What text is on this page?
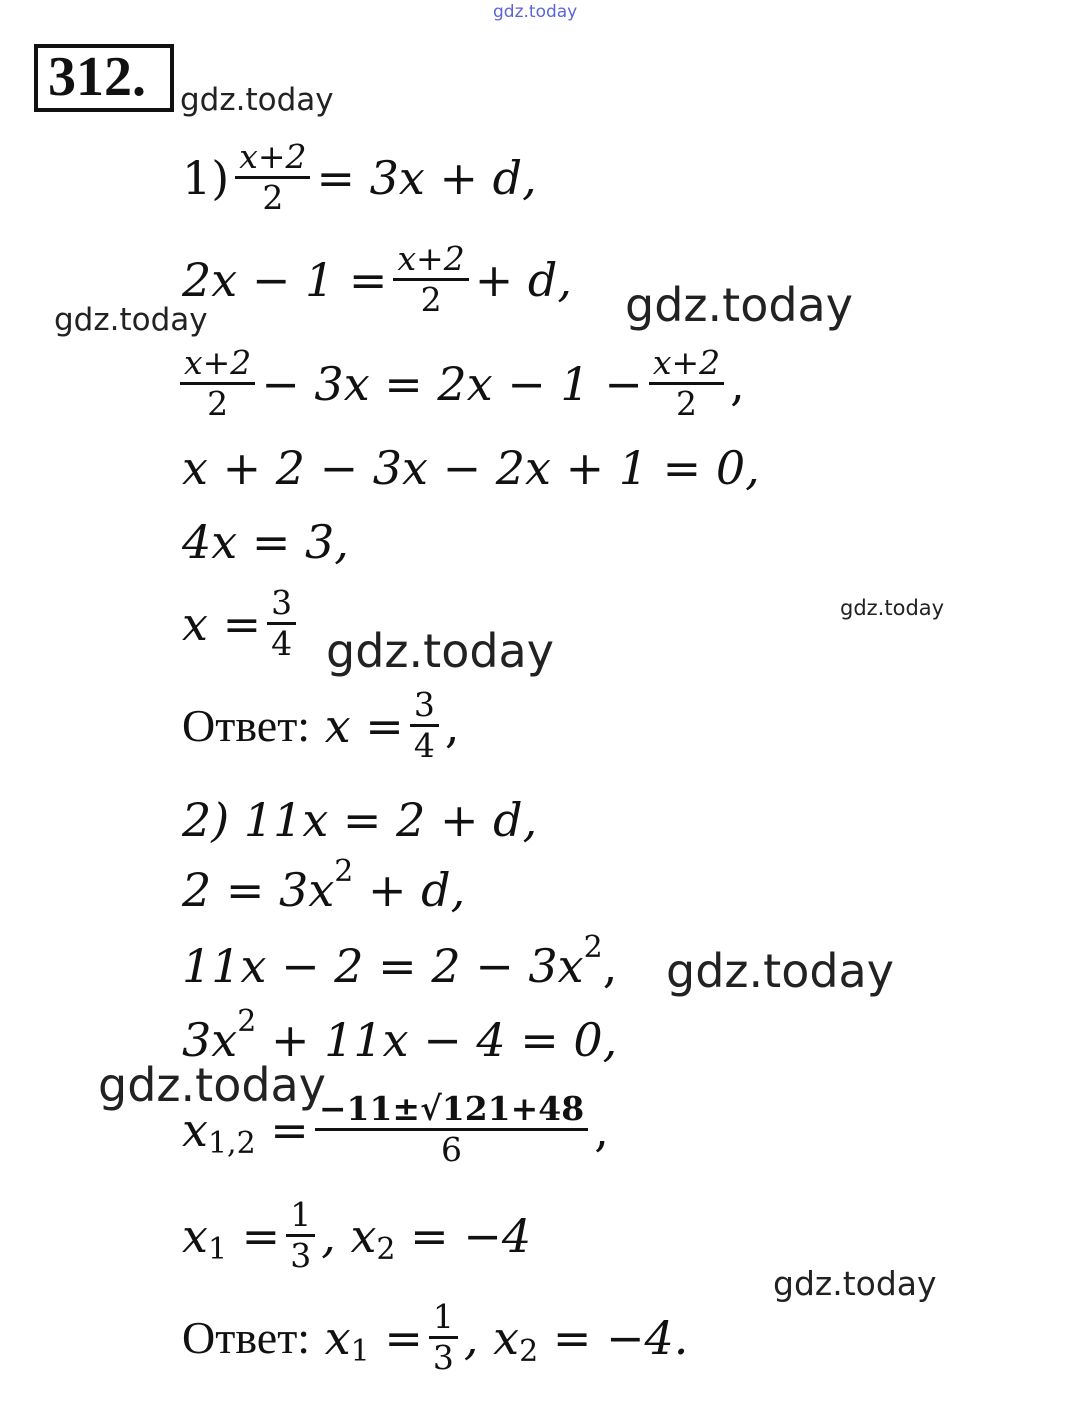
gdz.today
312.	gdz.today
$1) \frac{x+2}{2} = 3x + d$,
$2x - 1 = \frac{x+2}{2} + d$, gdz.today
gdz.today
$\frac{x+2}{2} - 3x = 2x - 1 - \frac{x+2}{2}$ ,
x + 2 − 3x − 2x + 1 = 0,
4x = 3,
$x = \frac{3}{4}$ gdz.today
gdz.today
Ответ:
$x = \frac{3}{4}$ ,
2) 11x = 2 + d,
2 = 3x 2
+ d,
11x − 2 = 2 − 3x 2 , gdz.today
3x 2
+ 11x − 4 = 0,
gdz.today
x 1,2
= $\frac{-11\pm√121+48}{6}$ ,
x 1
= $\frac{1}{3}$ , x 2
= −4
gdz.today
Ответ:
x 1
= $\frac{1}{3}$ , x 2
= −4.
